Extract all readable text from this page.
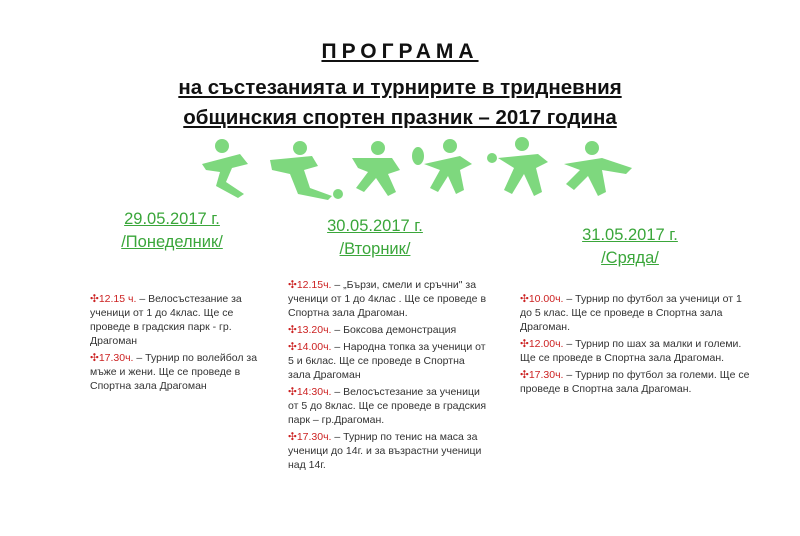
ПРОГРАМА
на състезанията и турнирите в тридневния
общинския спортен празник – 2017 година
29.05.2017 г.
/Понеделник/
30.05.2017 г.
/Вторник/
31.05.2017 г.
/Сряда/
✣12.15 ч. – Велосъстезание за ученици от 1 до 4клас. Ще се проведе в градския парк - гр. Драгоман
✣17.30ч. – Турнир по волейбол за мъже и жени. Ще се проведе в Спортна зала Драгоман
✣12.15ч. – „Бързи, смели и сръчни" за ученици от 1 до 4клас . Ще се проведе в Спортна зала Драгоман.
✣13.20ч. – Боксова демонстрация
✣14.00ч. – Народна топка за ученици от 5 и 6клас. Ще се проведе в Спортна зала Драгоман
✣14:30ч. – Велосъстезание за ученици от 5 до 8клас. Ще се проведе в градския парк – гр.Драгоман.
✣17.30ч. – Турнир по тенис на маса за ученици до 14г. и за възрастни ученици над 14г.
✣10.00ч. – Турнир по футбол за ученици от 1 до 5 клас. Ще се проведе в Спортна зала Драгоман.
✣12.00ч. – Турнир по шах за малки и големи. Ще се проведе в Спортна зала Драгоман.
✣17.30ч. – Турнир по футбол за големи. Ще се проведе в Спортна зала Драгоман.
